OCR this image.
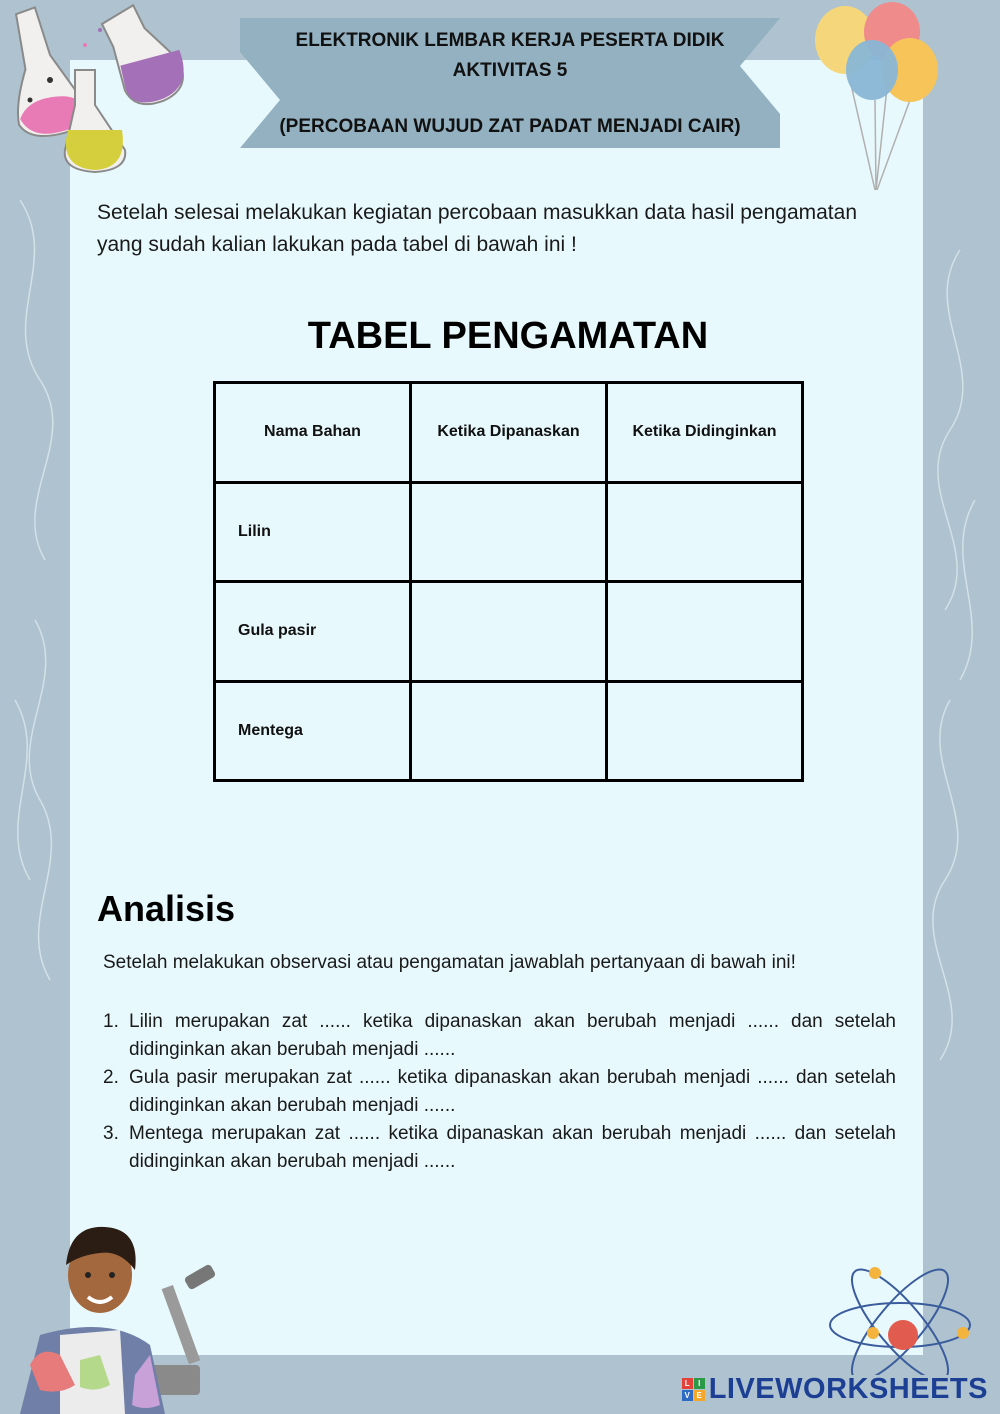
ELEKTRONIK LEMBAR KERJA PESERTA DIDIK
AKTIVITAS 5
(PERCOBAAN WUJUD ZAT PADAT MENJADI CAIR)

Setelah selesai melakukan kegiatan percobaan masukkan data hasil pengamatan yang sudah kalian lakukan pada tabel di bawah ini !

TABEL PENGAMATAN
Nama Bahan	Ketika Dipanaskan	Ketika Didinginkan
Lilin		
Gula pasir		
Mentega		
Analisis

Setelah melakukan observasi atau pengamatan jawablah pertanyaan di bawah ini!

1. Lilin merupakan zat ...... ketika dipanaskan akan berubah menjadi ...... dan setelah didinginkan akan berubah menjadi ......
2. Gula pasir merupakan zat ...... ketika dipanaskan akan berubah menjadi ...... dan setelah didinginkan akan berubah menjadi ......
3. Mentega merupakan zat ...... ketika dipanaskan akan berubah menjadi ...... dan setelah didinginkan akan berubah menjadi ......
L	I
V E LIVEWORKSHEETS
